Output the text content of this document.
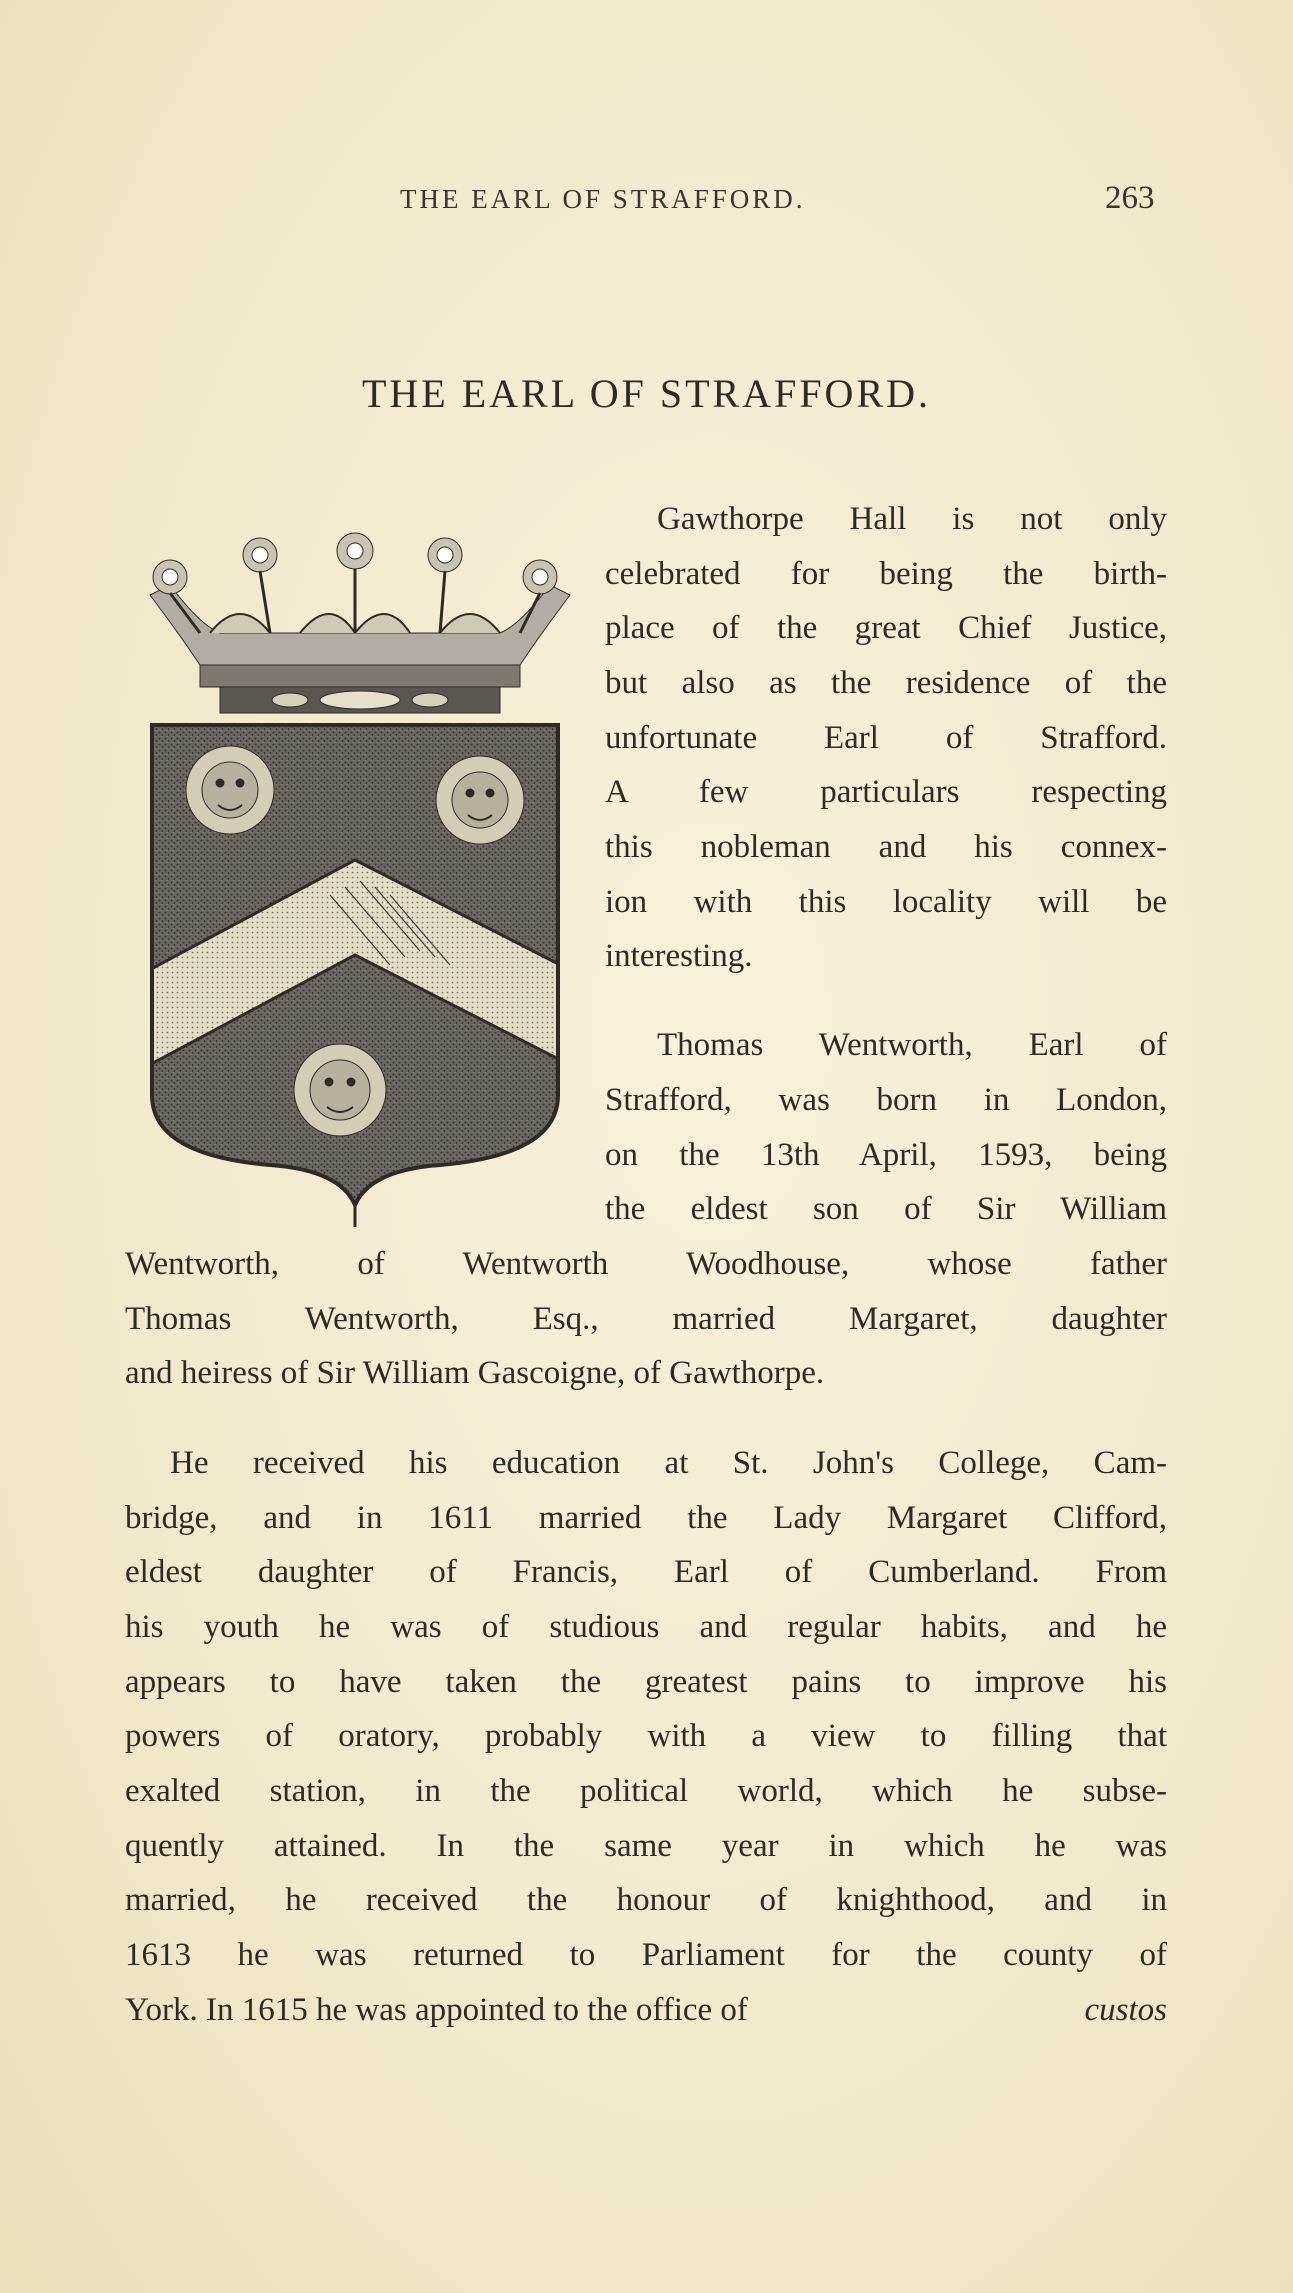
THE EARL OF STRAFFORD.	263
THE EARL OF STRAFFORD.
Gawthorpe Hall is not only
celebrated for being the birth-
place of the great Chief Justice,
but also as the residence of the
unfortunate Earl of Strafford.
A few particulars respecting
this nobleman and his connex-
ion with this locality will be
interesting.
Thomas Wentworth, Earl of
Strafford, was born in London,
on the 13th April, 1593, being
the eldest son of Sir William
Wentworth, of Wentworth Woodhouse, whose father
Thomas Wentworth, Esq., married Margaret, daughter
and heiress of Sir William Gascoigne, of Gawthorpe.
He received his education at St. John's College, Cam-
bridge, and in 1611 married the Lady Margaret Clifford,
eldest daughter of Francis, Earl of Cumberland. From
his youth he was of studious and regular habits, and he
appears to have taken the greatest pains to improve his
powers of oratory, probably with a view to filling that
exalted station, in the political world, which he subse-
quently attained. In the same year in which he was
married, he received the honour of knighthood, and in
1613 he was returned to Parliament for the county of
York. In 1615 he was appointed to the office of	custos
